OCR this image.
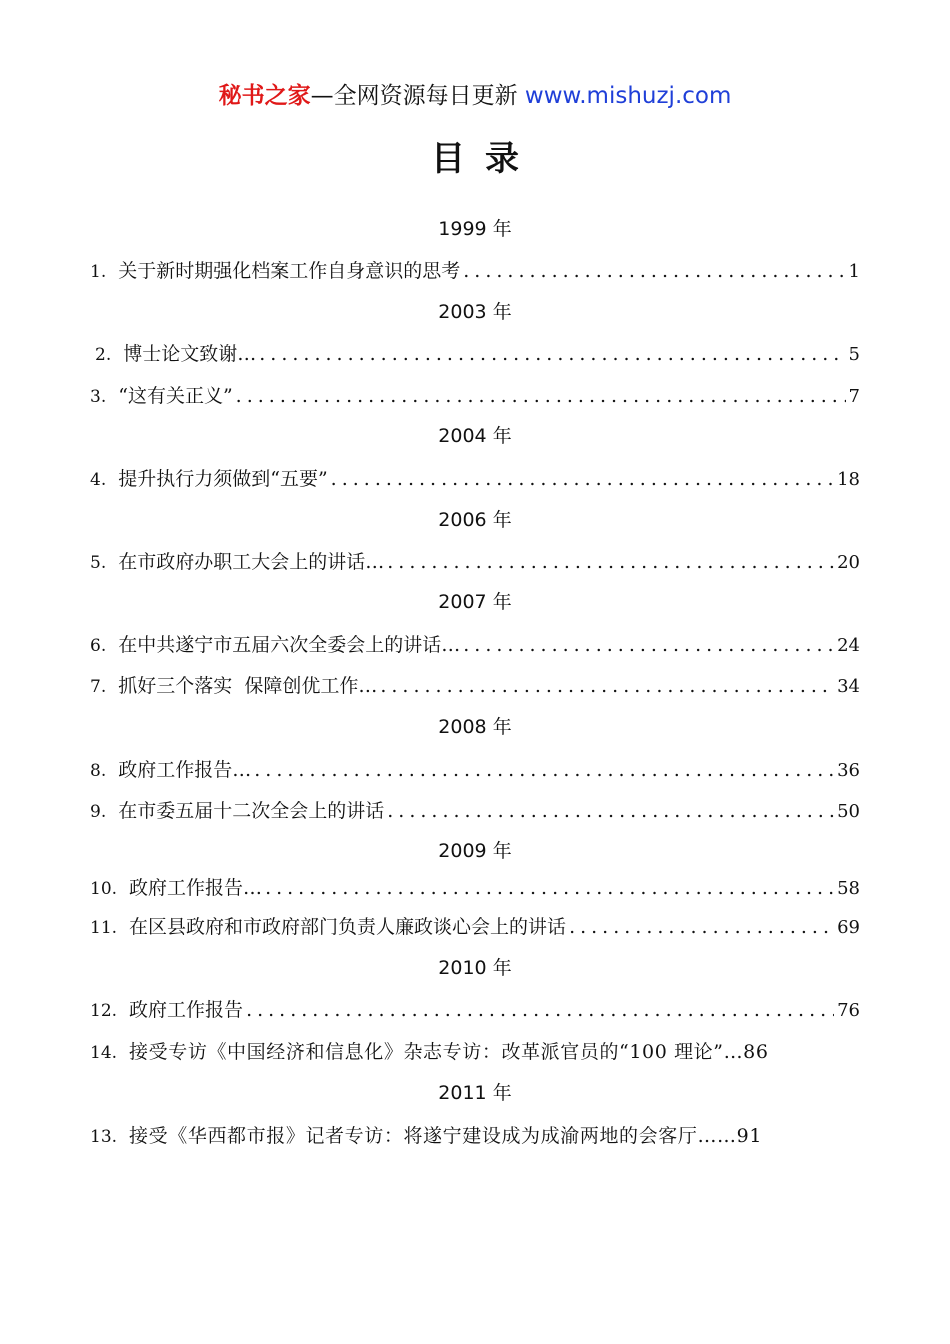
秘书之家—全网资源每日更新 www.mishuzj.com
目录
1999 年
1. 关于新时期强化档案工作自身意识的思考 .....	1
2003 年
2. 博士论文致谢… .....	5
3. “这有关正义” .....	7
2004 年
4. 提升执行力须做到“五要” .....	18
2006 年
5. 在市政府办职工大会上的讲话… .....	20
2007 年
6. 在中共遂宁市五届六次全委会上的讲话… .....	24
7. 抓好三个落实  保障创优工作… .....	34
2008 年
8. 政府工作报告… .....	36
9. 在市委五届十二次全会上的讲话 .....	50
2009 年
10. 政府工作报告… .....	58
11. 在区县政府和市政府部门负责人廉政谈心会上的讲话 .....	69
2010 年
12. 政府工作报告 .....	76
14. 接受专访《中国经济和信息化》杂志专访：改革派官员的“100 理论”…86
2011 年
13. 接受《华西都市报》记者专访：将遂宁建设成为成渝两地的会客厅……91
